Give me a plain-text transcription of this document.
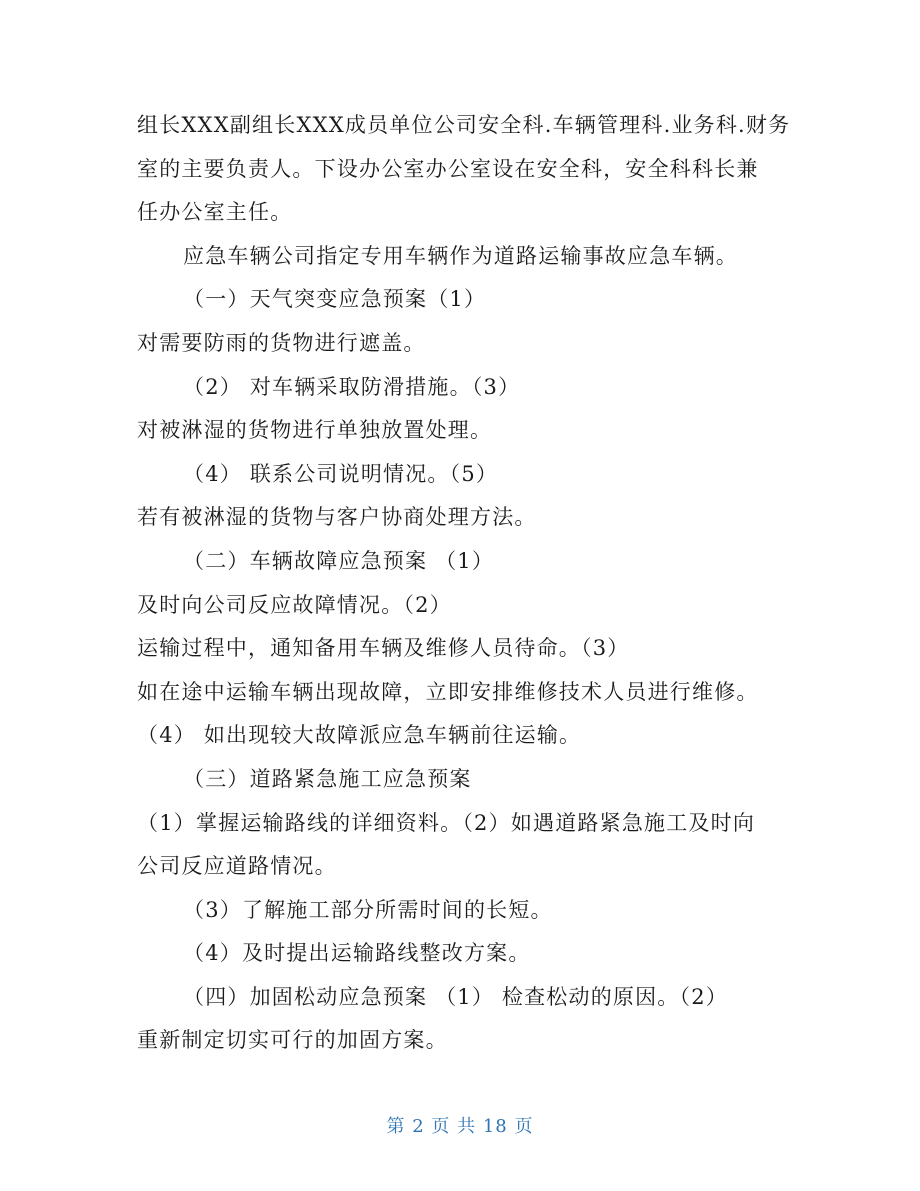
组长XXX副组长XXX成员单位公司安全科.车辆管理科.业务科.财务
室的主要负责人。下设办公室办公室设在安全科，安全科科长兼
任办公室主任。
应急车辆公司指定专用车辆作为道路运输事故应急车辆。
（一）天气突变应急预案（1）
对需要防雨的货物进行遮盖。
（2） 对车辆采取防滑措施。（3）
对被淋湿的货物进行单独放置处理。
（4） 联系公司说明情况。（5）
若有被淋湿的货物与客户协商处理方法。
（二）车辆故障应急预案 （1）
及时向公司反应故障情况。（2）
运输过程中，通知备用车辆及维修人员待命。（3）
如在途中运输车辆出现故障，立即安排维修技术人员进行维修。
（4） 如出现较大故障派应急车辆前往运输。
（三）道路紧急施工应急预案
（1）掌握运输路线的详细资料。（2）如遇道路紧急施工及时向
公司反应道路情况。
（3）了解施工部分所需时间的长短。
（4）及时提出运输路线整改方案。
（四）加固松动应急预案 （1） 检查松动的原因。（2）
重新制定切实可行的加固方案。
第 2 页 共 18 页
